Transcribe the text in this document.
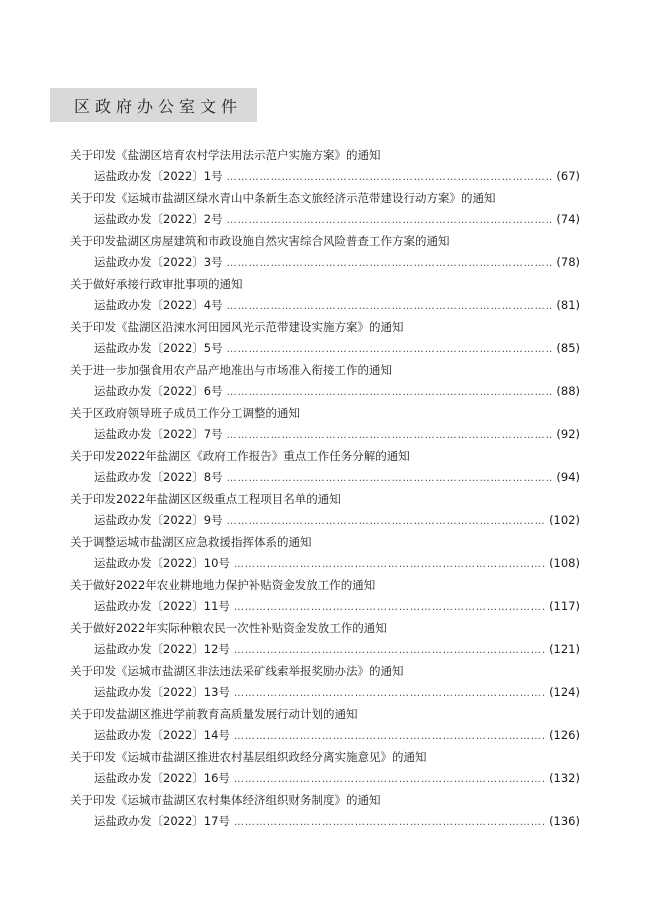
区政府办公室文件
关于印发《盐湖区培育农村学法用法示范户实施方案》的通知
运盐政办发〔2022〕1号 …………………………………………………………………………………………………………………………………………………………………………………………	(67)
关于印发《运城市盐湖区绿水青山中条新生态文旅经济示范带建设行动方案》的通知
运盐政办发〔2022〕2号 …………………………………………………………………………………………………………………………………………………………………………………………	(74)
关于印发盐湖区房屋建筑和市政设施自然灾害综合风险普查工作方案的通知
运盐政办发〔2022〕3号 …………………………………………………………………………………………………………………………………………………………………………………………	(78)
关于做好承接行政审批事项的通知
运盐政办发〔2022〕4号 …………………………………………………………………………………………………………………………………………………………………………………………	(81)
关于印发《盐湖区沿涑水河田园风光示范带建设实施方案》的通知
运盐政办发〔2022〕5号 …………………………………………………………………………………………………………………………………………………………………………………………	(85)
关于进一步加强食用农产品产地准出与市场准入衔接工作的通知
运盐政办发〔2022〕6号 …………………………………………………………………………………………………………………………………………………………………………………………	(88)
关于区政府领导班子成员工作分工调整的通知
运盐政办发〔2022〕7号 …………………………………………………………………………………………………………………………………………………………………………………………	(92)
关于印发2022年盐湖区《政府工作报告》重点工作任务分解的通知
运盐政办发〔2022〕8号 …………………………………………………………………………………………………………………………………………………………………………………………	(94)
关于印发2022年盐湖区区级重点工程项目名单的通知
运盐政办发〔2022〕9号 …………………………………………………………………………………………………………………………………………………………………………………………	(102)
关于调整运城市盐湖区应急救援指挥体系的通知
运盐政办发〔2022〕10号 …………………………………………………………………………………………………………………………………………………………………………………………	(108)
关于做好2022年农业耕地地力保护补贴资金发放工作的通知
运盐政办发〔2022〕11号 …………………………………………………………………………………………………………………………………………………………………………………………	(117)
关于做好2022年实际种粮农民一次性补贴资金发放工作的通知
运盐政办发〔2022〕12号 …………………………………………………………………………………………………………………………………………………………………………………………	(121)
关于印发《运城市盐湖区非法违法采矿线索举报奖励办法》的通知
运盐政办发〔2022〕13号 …………………………………………………………………………………………………………………………………………………………………………………………	(124)
关于印发盐湖区推进学前教育高质量发展行动计划的通知
运盐政办发〔2022〕14号 …………………………………………………………………………………………………………………………………………………………………………………………	(126)
关于印发《运城市盐湖区推进农村基层组织政经分离实施意见》的通知
运盐政办发〔2022〕16号 …………………………………………………………………………………………………………………………………………………………………………………………	(132)
关于印发《运城市盐湖区农村集体经济组织财务制度》的通知
运盐政办发〔2022〕17号 …………………………………………………………………………………………………………………………………………………………………………………………	(136)
